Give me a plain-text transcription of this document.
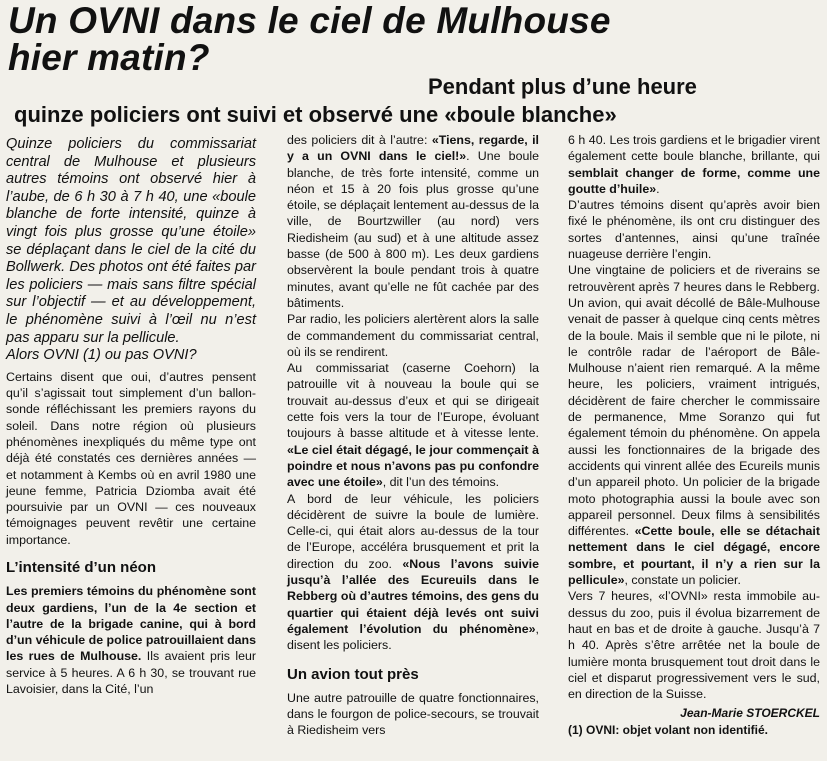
Un OVNI dans le ciel de Mulhouse hier matin?
Pendant plus d’une heure
quinze policiers ont suivi et observé une «boule blanche»

Quinze policiers du commissariat central de Mulhouse et plusieurs autres témoins ont observé hier à l’aube, de 6 h 30 à 7 h 40, une «boule blanche de forte intensité, quinze à vingt fois plus grosse qu’une étoile» se déplaçant dans le ciel de la cité du Bollwerk. Des photos ont été faites par les policiers — mais sans filtre spécial sur l’objectif — et au développement, le phénomène suivi à l’œil nu n’est pas apparu sur la pellicule.

Alors OVNI (1) ou pas OVNI?

Certains disent que oui, d’autres pensent qu’il s’agissait tout simplement d’un ballon-sonde réfléchissant les premiers rayons du soleil. Dans notre région où plusieurs phénomènes inexpliqués du même type ont déjà été constatés ces dernières années — et notamment à Kembs où en avril 1980 une jeune femme, Patricia Dziomba avait été poursuivie par un OVNI — ces nouveaux témoignages peuvent revêtir une certaine importance.

L’intensité d’un néon

Les premiers témoins du phénomène sont deux gardiens, l’un de la 4e section et l’autre de la brigade canine, qui à bord d’un véhicule de police patrouillaient dans les rues de Mulhouse. Ils avaient pris leur service à 5 heures. A 6 h 30, se trouvant rue Lavoisier, dans la Cité, l’un

des policiers dit à l’autre: «Tiens, regarde, il y a un OVNI dans le ciel!». Une boule blanche, de très forte intensité, comme un néon et 15 à 20 fois plus grosse qu’une étoile, se déplaçait lentement au-dessus de la ville, de Bourtzwiller (au nord) vers Riedisheim (au sud) et à une altitude assez basse (de 500 à 800 m). Les deux gardiens observèrent la boule pendant trois à quatre minutes, avant qu’elle ne fût cachée par des bâtiments.

Par radio, les policiers alertèrent alors la salle de commandement du commissariat central, où ils se rendirent.

Au commissariat (caserne Coehorn) la patrouille vit à nouveau la boule qui se trouvait au-dessus d’eux et qui se dirigeait cette fois vers la tour de l’Europe, évoluant toujours à basse altitude et à vitesse lente. «Le ciel était dégagé, le jour commençait à poindre et nous n’avons pas pu confondre avec une étoile», dit l’un des témoins.

A bord de leur véhicule, les policiers décidèrent de suivre la boule de lumière. Celle-ci, qui était alors au-dessus de la tour de l’Europe, accéléra brusquement et prit la direction du zoo. «Nous l’avons suivie jusqu’à l’allée des Ecureuils dans le Rebberg où d’autres témoins, des gens du quartier qui étaient déjà levés ont suivi également l’évolution du phénomène», disent les policiers.

Un avion tout près

Une autre patrouille de quatre fonctionnaires, dans le fourgon de police-secours, se trouvait à Riedisheim vers

6 h 40. Les trois gardiens et le brigadier virent également cette boule blanche, brillante, qui semblait changer de forme, comme une goutte d’huile».

D’autres témoins disent qu’après avoir bien fixé le phénomène, ils ont cru distinguer des sortes d’antennes, ainsi qu’une traînée nuageuse derrière l’engin.

Une vingtaine de policiers et de riverains se retrouvèrent après 7 heures dans le Rebberg. Un avion, qui avait décollé de Bâle-Mulhouse venait de passer à quelque cinq cents mètres de la boule. Mais il semble que ni le pilote, ni le contrôle radar de l’aéroport de Bâle-Mulhouse n’aient rien remarqué. A la même heure, les policiers, vraiment intrigués, décidèrent de faire chercher le commissaire de permanence, Mme Soranzo qui fut également témoin du phénomène. On appela aussi les fonctionnaires de la brigade des accidents qui vinrent allée des Ecureils munis d’un appareil photo. Un policier de la brigade moto photographia aussi la boule avec son appareil personnel. Deux films à sensibilités différentes. «Cette boule, elle se détachait nettement dans le ciel dégagé, encore sombre, et pourtant, il n’y a rien sur la pellicule», constate un policier.

Vers 7 heures, «l’OVNI» resta immobile au-dessus du zoo, puis il évolua bizarrement de haut en bas et de droite à gauche. Jusqu’à 7 h 40. Après s’être arrêtée net la boule de lumière monta brusquement tout droit dans le ciel et disparut progressivement vers le sud, en direction de la Suisse.

Jean-Marie STOERCKEL

(1) OVNI: objet volant non identifié.
